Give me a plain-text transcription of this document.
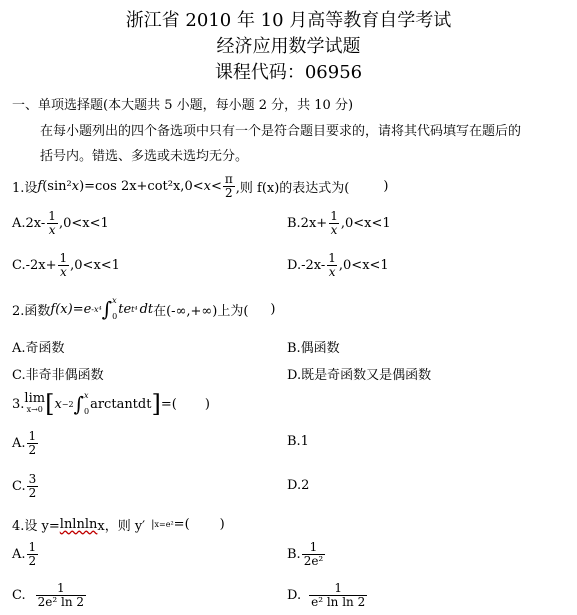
浙江省 2010 年 10 月高等教育自学考试
经济应用数学试题
课程代码：06956
一、单项选择题(本大题共 5 小题，每小题 2 分，共 10 分)
在每小题列出的四个备选项中只有一个是符合题目要求的，请将其代码填写在题后的
括号内。错选、多选或未选均无分。
1.设 f (sin ² x )=cos $2x+\cot^2x,0< x < \frac{\pi}{2}$ ,则 f(x)的表达式为(	)
$A.2x- \frac{1}{x} ,0<x<1$	$B.2x+ \frac{1}{x} ,0<x<1$
$C.-2x+ \frac{1}{x} ,0<x<1$	$D.-2x- \frac{1}{x} ,0<x<1$
2.函数 f(x)=e -x⁴ ∫ x
0 te t⁴ dt 在(-∞,+∞)上为( )
A.奇函数	B.偶函数
C.非奇非偶函数	D.既是奇函数又是偶函数
3. lim
x→0 [ x −2 ∫ x
0 arctantdt ] =( )
A. $\frac{1}{2}$	B.1
C. $\frac{3}{2}$	D.2
4.设 y= lnlnln x，则 y′ | x=e² =( )
A. $\frac{1}{2}$	B. $\frac{1}{\text{2e²}}$
C. $\frac{1}{\text{2e² ln 2}}$	D. $\frac{1}{\text{e² ln ln 2}}$
